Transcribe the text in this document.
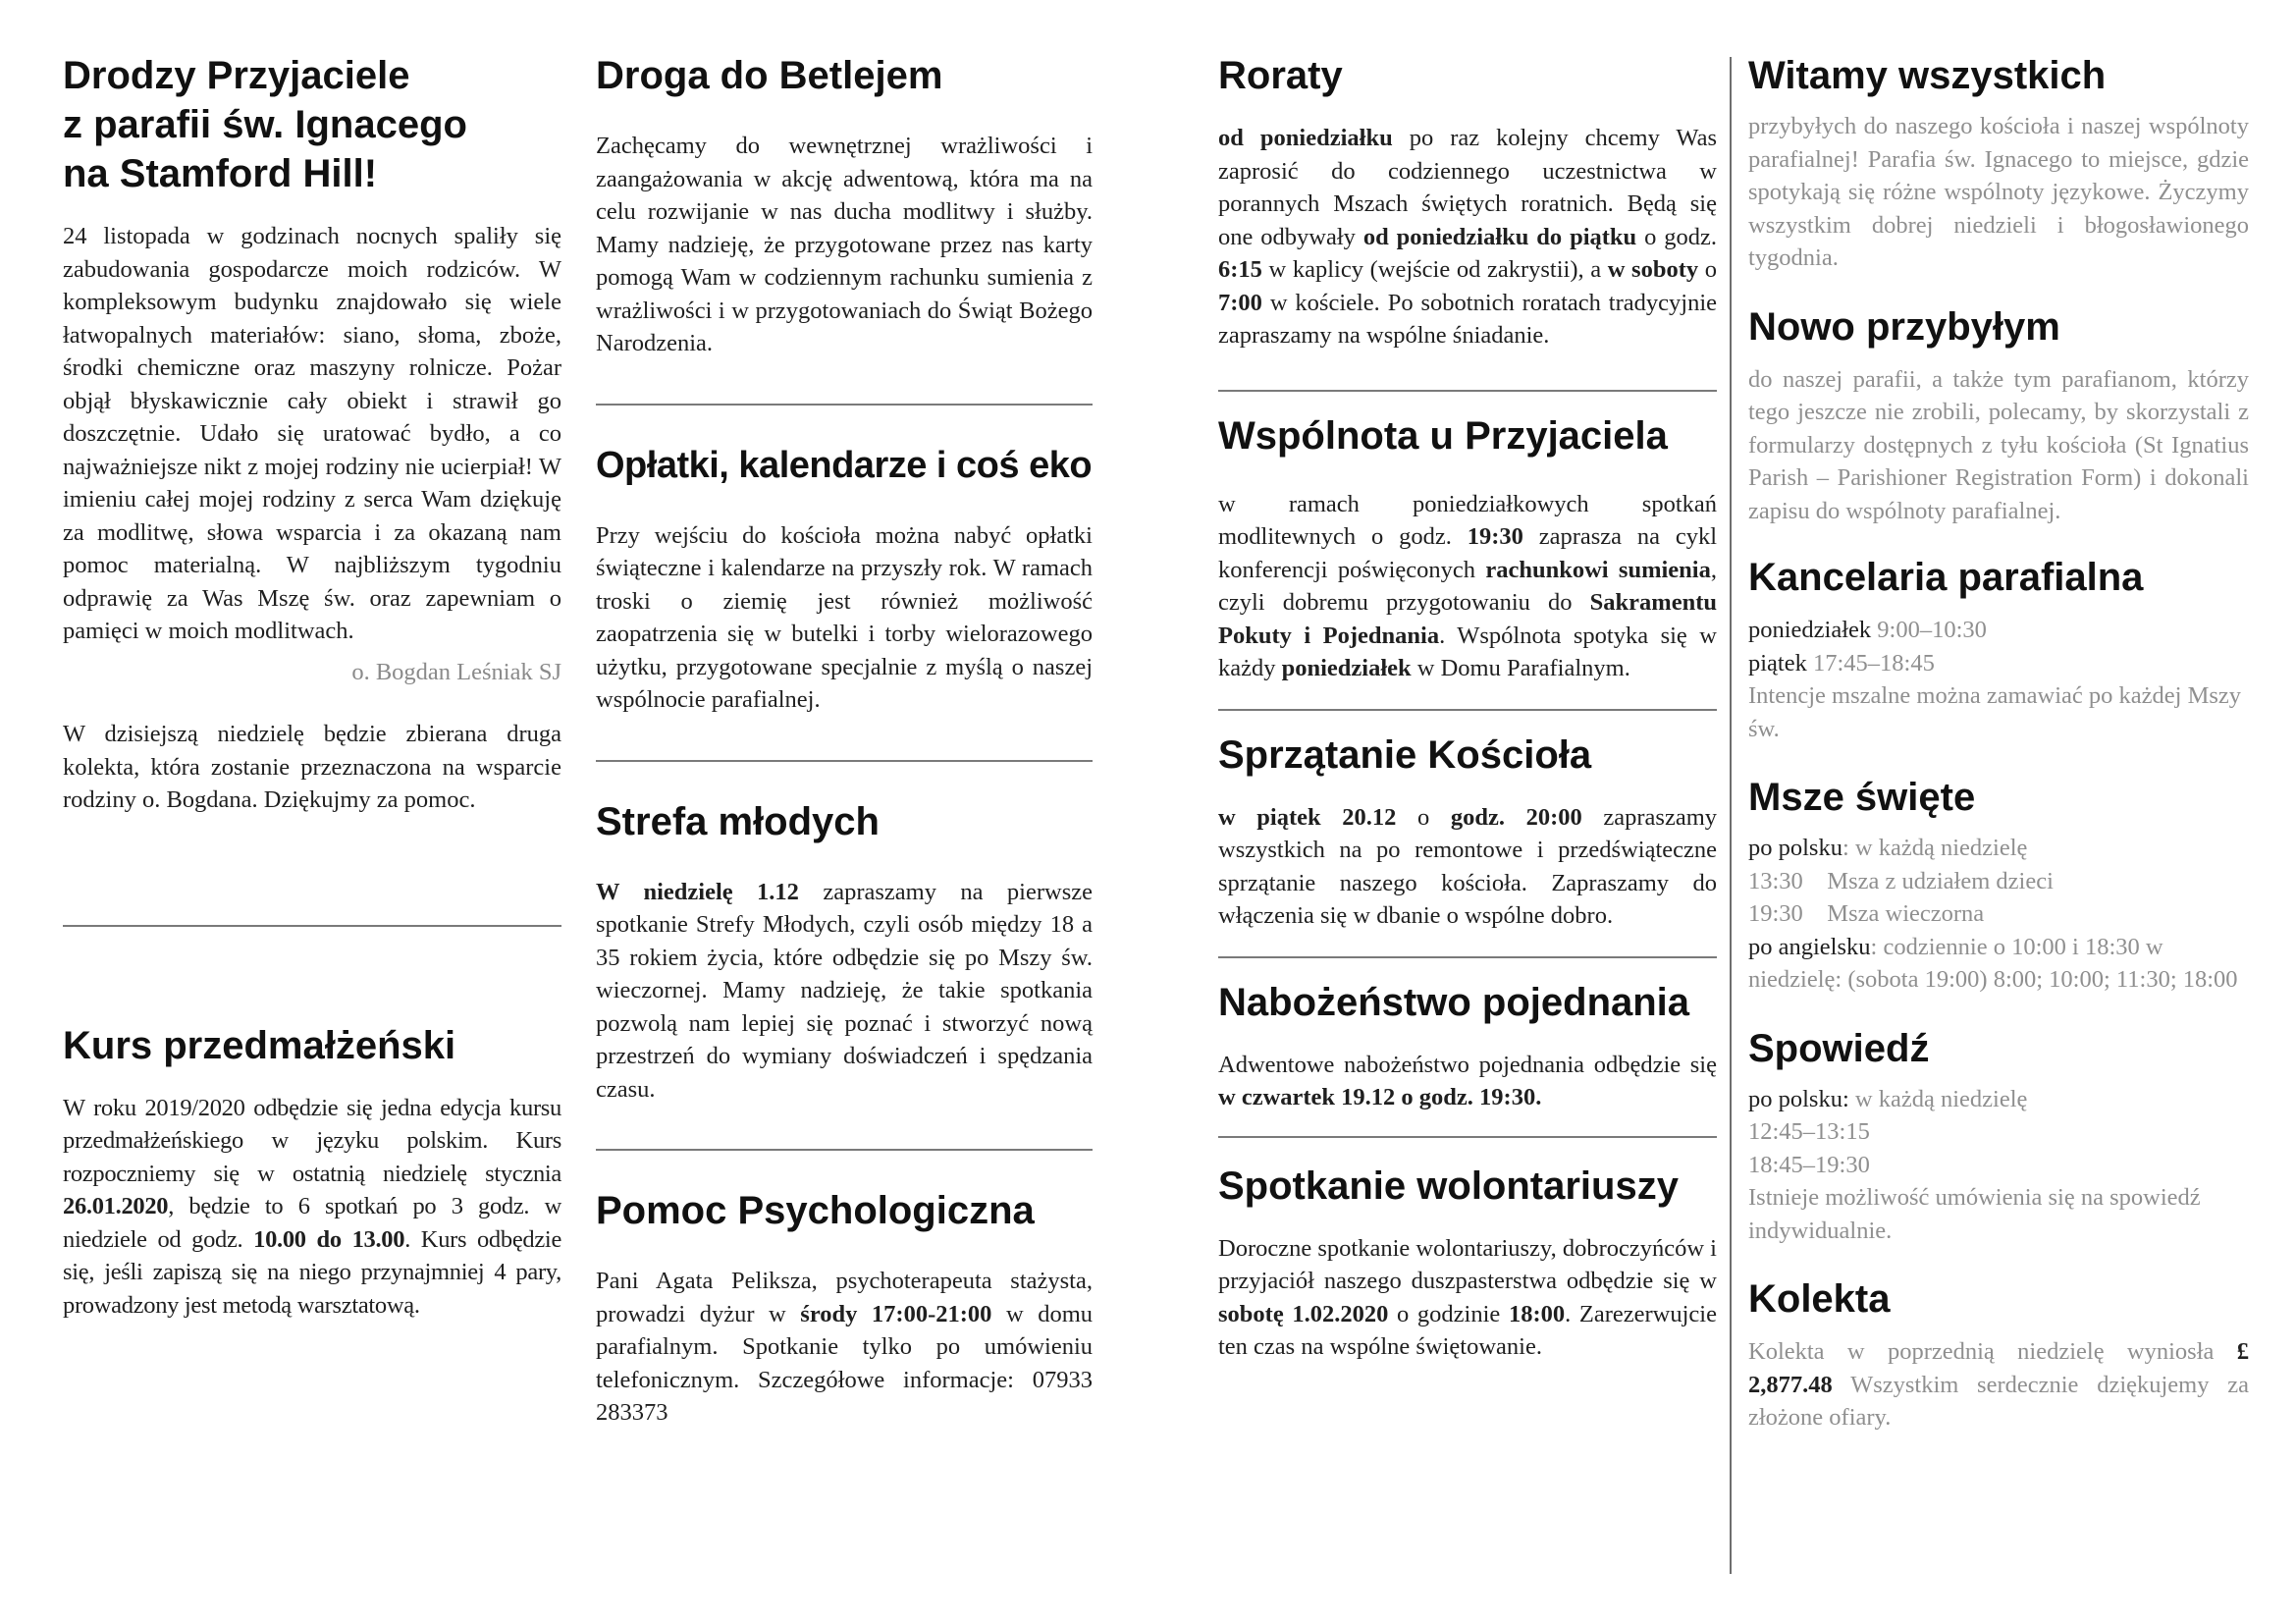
Drodzy Przyjaciele
z parafii św. Ignacego
na Stamford Hill!

24 listopada w godzinach nocnych spaliły się zabudowania gospodarcze moich rodziców. W kompleksowym budynku znajdowało się wiele łatwopalnych materiałów: siano, słoma, zboże, środki chemiczne oraz maszyny rolnicze. Pożar objął błyskawicznie cały obiekt i strawił go doszczętnie. Udało się uratować bydło, a co najważniejsze nikt z mojej rodziny nie ucierpiał! W imieniu całej mojej rodziny z serca Wam dziękuję za modlitwę, słowa wsparcia i za okazaną nam pomoc materialną. W najbliższym tygodniu odprawię za Was Mszę św. oraz zapewniam o pamięci w moich modlitwach.

o. Bogdan Leśniak SJ

W dzisiejszą niedzielę będzie zbierana druga kolekta, która zostanie przeznaczona na wsparcie rodziny o. Bogdana. Dziękujmy za pomoc.

Kurs przedmałżeński

W roku 2019/2020 odbędzie się jedna edycja kursu przedmałżeńskiego w języku polskim. Kurs rozpoczniemy się w ostatnią niedzielę stycznia 26.01.2020, będzie to 6 spotkań po 3 godz. w niedziele od godz. 10.00 do 13.00. Kurs odbędzie się, jeśli zapiszą się na niego przynajmniej 4 pary, prowadzony jest metodą warsztatową.

Droga do Betlejem

Zachęcamy do wewnętrznej wrażliwości i zaangażowania w akcję adwentową, która ma na celu rozwijanie w nas ducha modlitwy i służby. Mamy nadzieję, że przygotowane przez nas karty pomogą Wam w codziennym rachunku sumienia z wrażliwości i w przygotowaniach do Świąt Bożego Narodzenia.

Opłatki, kalendarze i coś eko

Przy wejściu do kościoła można nabyć opłatki świąteczne i kalendarze na przyszły rok. W ramach troski o ziemię jest również możliwość zaopatrzenia się w butelki i torby wielorazowego użytku, przygotowane specjalnie z myślą o naszej wspólnocie parafialnej.

Strefa młodych

W niedzielę 1.12 zapraszamy na pierwsze spotkanie Strefy Młodych, czyli osób między 18 a 35 rokiem życia, które odbędzie się po Mszy św. wieczornej. Mamy nadzieję, że takie spotkania pozwolą nam lepiej się poznać i stworzyć nową przestrzeń do wymiany doświadczeń i spędzania czasu.

Pomoc Psychologiczna

Pani Agata Peliksza, psychoterapeuta stażysta, prowadzi dyżur w środy 17:00-21:00 w domu parafialnym. Spotkanie tylko po umówieniu telefonicznym. Szczegółowe informacje: 07933 283373

Roraty

od poniedziałku po raz kolejny chcemy Was zaprosić do codziennego uczestnictwa w porannych Mszach świętych roratnich. Będą się one odbywały od poniedziałku do piątku o godz. 6:15 w kaplicy (wejście od zakrystii), a w soboty o 7:00 w kościele. Po sobotnich roratach tradycyjnie zapraszamy na wspólne śniadanie.

Wspólnota u Przyjaciela

w ramach poniedziałkowych spotkań modlitewnych o godz. 19:30 zaprasza na cykl konferencji poświęconych rachunkowi sumienia, czyli dobremu przygotowaniu do Sakramentu Pokuty i Pojednania. Wspólnota spotyka się w każdy poniedziałek w Domu Parafialnym.

Sprzątanie Kościoła

w piątek 20.12 o godz. 20:00 zapraszamy wszystkich na po remontowe i przedświąteczne sprzątanie naszego kościoła. Zapraszamy do włączenia się w dbanie o wspólne dobro.

Nabożeństwo pojednania

Adwentowe nabożeństwo pojednania odbędzie się w czwartek 19.12 o godz. 19:30.

Spotkanie wolontariuszy

Doroczne spotkanie wolontariuszy, dobroczyńców i przyjaciół naszego duszpasterstwa odbędzie się w sobotę 1.02.2020 o godzinie 18:00. Zarezerwujcie ten czas na wspólne świętowanie.

Witamy wszystkich

przybyłych do naszego kościoła i naszej wspólnoty parafialnej! Parafia św. Ignacego to miejsce, gdzie spotykają się różne wspólnoty językowe. Życzymy wszystkim dobrej niedzieli i błogosławionego tygodnia.

Nowo przybyłym

do naszej parafii, a także tym parafianom, którzy tego jeszcze nie zrobili, polecamy, by skorzystali z formularzy dostępnych z tyłu kościoła (St Ignatius Parish – Parishioner Registration Form) i dokonali zapisu do wspólnoty parafialnej.

Kancelaria parafialna

poniedziałek 9:00–10:30
piątek 17:45–18:45
Intencje mszalne można zamawiać po każdej Mszy św.

Msze święte

po polsku: w każdą niedzielę
13:30    Msza z udziałem dzieci
19:30    Msza wieczorna
po angielsku: codziennie o 10:00 i 18:30 w niedzielę: (sobota 19:00) 8:00; 10:00; 11:30; 18:00

Spowiedź

po polsku: w każdą niedzielę
12:45–13:15
18:45–19:30
Istnieje możliwość umówienia się na spowiedź indywidualnie.

Kolekta

Kolekta w poprzednią niedzielę wyniosła £ 2,877.48 Wszystkim serdecznie dziękujemy za złożone ofiary.
